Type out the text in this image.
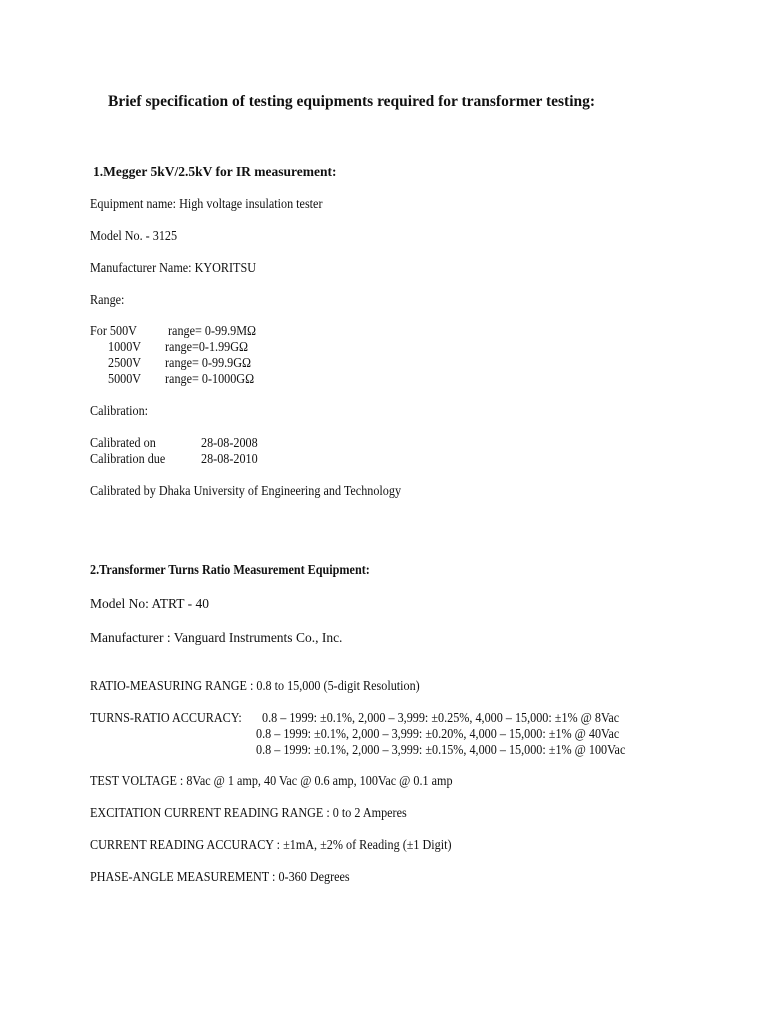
Brief specification of testing equipments required for transformer testing:
1.Megger 5kV/2.5kV for IR measurement:
Equipment name: High voltage insulation tester
Model No. - 3125
Manufacturer Name: KYORITSU
Range:
For 500V range= 0-99.9MΩ
1000V range=0-1.99GΩ
2500V range= 0-99.9GΩ
5000V range= 0-1000GΩ
Calibration:
Calibrated on	28-08-2008
Calibration due	28-08-2010
Calibrated by Dhaka University of Engineering and Technology
2.Transformer Turns Ratio Measurement Equipment:
Model No: ATRT - 40
Manufacturer : Vanguard Instruments Co., Inc.
RATIO-MEASURING RANGE : 0.8 to 15,000 (5-digit Resolution)
TURNS-RATIO ACCURACY: 0.8 – 1999: ±0.1%, 2,000 – 3,999: ±0.25%, 4,000 – 15,000: ±1% @ 8Vac
0.8 – 1999: ±0.1%, 2,000 – 3,999: ±0.20%, 4,000 – 15,000: ±1% @ 40Vac
0.8 – 1999: ±0.1%, 2,000 – 3,999: ±0.15%, 4,000 – 15,000: ±1% @ 100Vac
TEST VOLTAGE : 8Vac @ 1 amp, 40 Vac @ 0.6 amp, 100Vac @ 0.1 amp
EXCITATION CURRENT READING RANGE : 0 to 2 Amperes
CURRENT READING ACCURACY : ±1mA, ±2% of Reading (±1 Digit)
PHASE-ANGLE MEASUREMENT : 0-360 Degrees
